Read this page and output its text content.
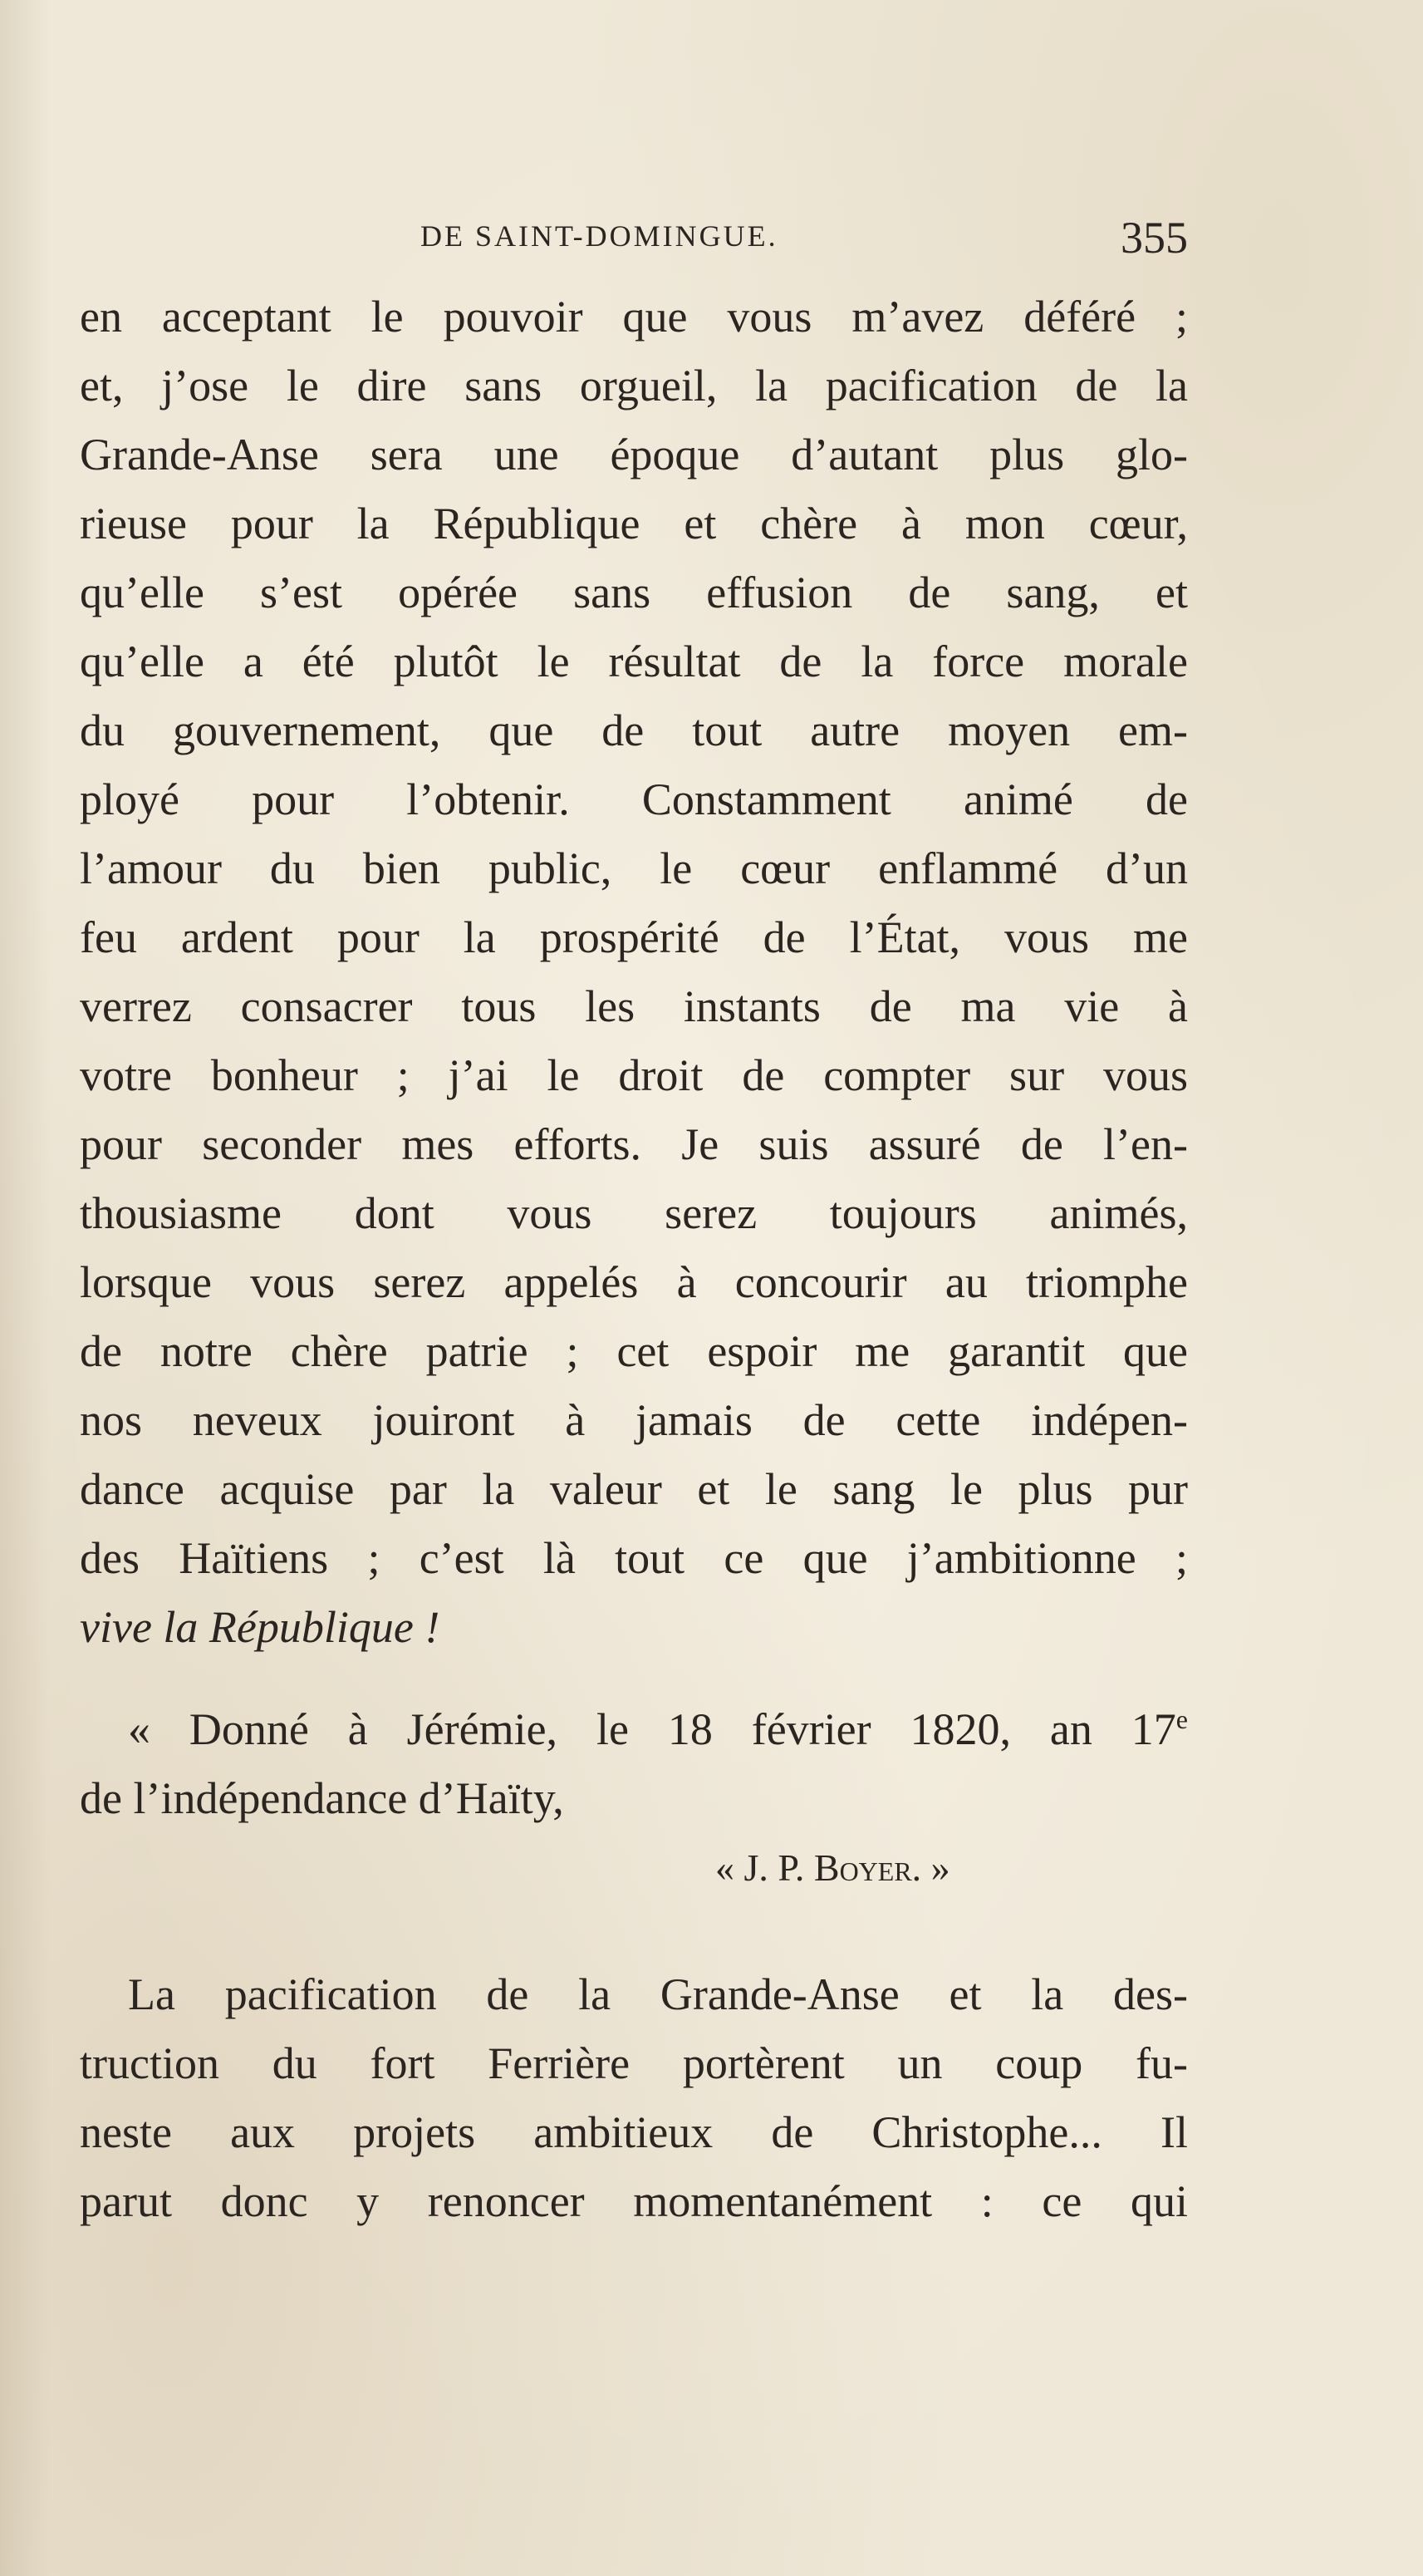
DE SAINT-DOMINGUE.	355
en acceptant le pouvoir que vous m’avez déféré ;
et, j’ose le dire sans orgueil, la pacification de la
Grande-Anse sera une époque d’autant plus glo-
rieuse pour la République et chère à mon cœur,
qu’elle s’est opérée sans effusion de sang, et
qu’elle a été plutôt le résultat de la force morale
du gouvernement, que de tout autre moyen em-
ployé pour l’obtenir. Constamment animé de
l’amour du bien public, le cœur enflammé d’un
feu ardent pour la prospérité de l’État, vous me
verrez consacrer tous les instants de ma vie à
votre bonheur ; j’ai le droit de compter sur vous
pour seconder mes efforts. Je suis assuré de l’en-
thousiasme dont vous serez toujours animés,
lorsque vous serez appelés à concourir au triomphe
de notre chère patrie ; cet espoir me garantit que
nos neveux jouiront à jamais de cette indépen-
dance acquise par la valeur et le sang le plus pur
des Haïtiens ; c’est là tout ce que j’ambitionne ;
vive la République !
« Donné à Jérémie, le 18 février 1820, an 17e
de l’indépendance d’Haïty,
« J. P. Boyer. »
La pacification de la Grande-Anse et la des-
truction du fort Ferrière portèrent un coup fu-
neste aux projets ambitieux de Christophe... Il
parut donc y renoncer momentanément : ce qui
